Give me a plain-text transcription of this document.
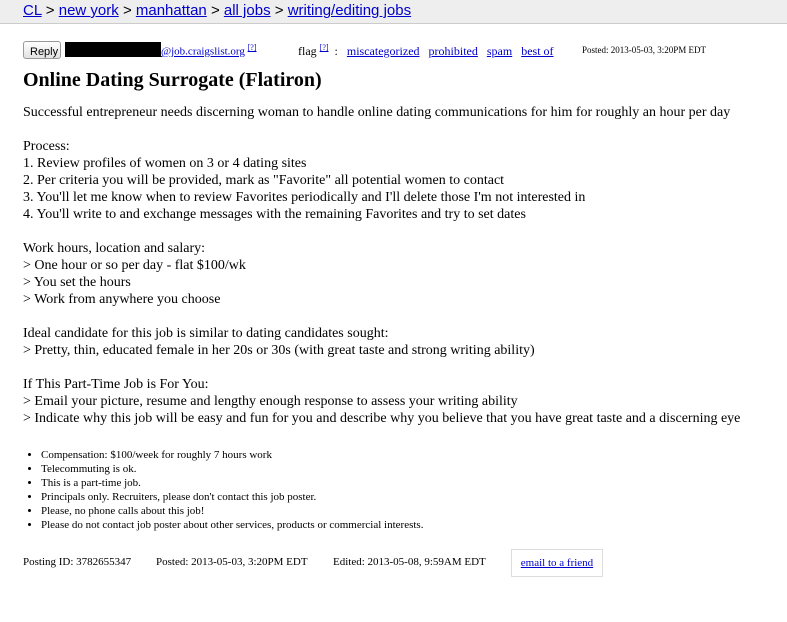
CL > new york > manhattan > all jobs > writing/editing jobs
Reply	@job.craigslist.org [?]	flag [?] : miscategorized prohibited spam best of	Posted: 2013-05-03, 3:20PM EDT
Online Dating Surrogate (Flatiron)
Successful entrepreneur needs discerning woman to handle online dating communications for him for roughly an hour per day
Process:
1. Review profiles of women on 3 or 4 dating sites
2. Per criteria you will be provided, mark as "Favorite" all potential women to contact
3. You'll let me know when to review Favorites periodically and I'll delete those I'm not interested in
4. You'll write to and exchange messages with the remaining Favorites and try to set dates
Work hours, location and salary:
> One hour or so per day - flat $100/wk
> You set the hours
> Work from anywhere you choose
Ideal candidate for this job is similar to dating candidates sought:
> Pretty, thin, educated female in her 20s or 30s (with great taste and strong writing ability)
If This Part-Time Job is For You:
> Email your picture, resume and lengthy enough response to assess your writing ability
> Indicate why this job will be easy and fun for you and describe why you believe that you have great taste and a discerning eye
• Compensation: $100/week for roughly 7 hours work
• Telecommuting is ok.
• This is a part-time job.
• Principals only. Recruiters, please don't contact this job poster.
• Please, no phone calls about this job!
• Please do not contact job poster about other services, products or commercial interests.
Posting ID: 3782655347 Posted: 2013-05-03, 3:20PM EDT Edited: 2013-05-08, 9:59AM EDT	email to a friend
